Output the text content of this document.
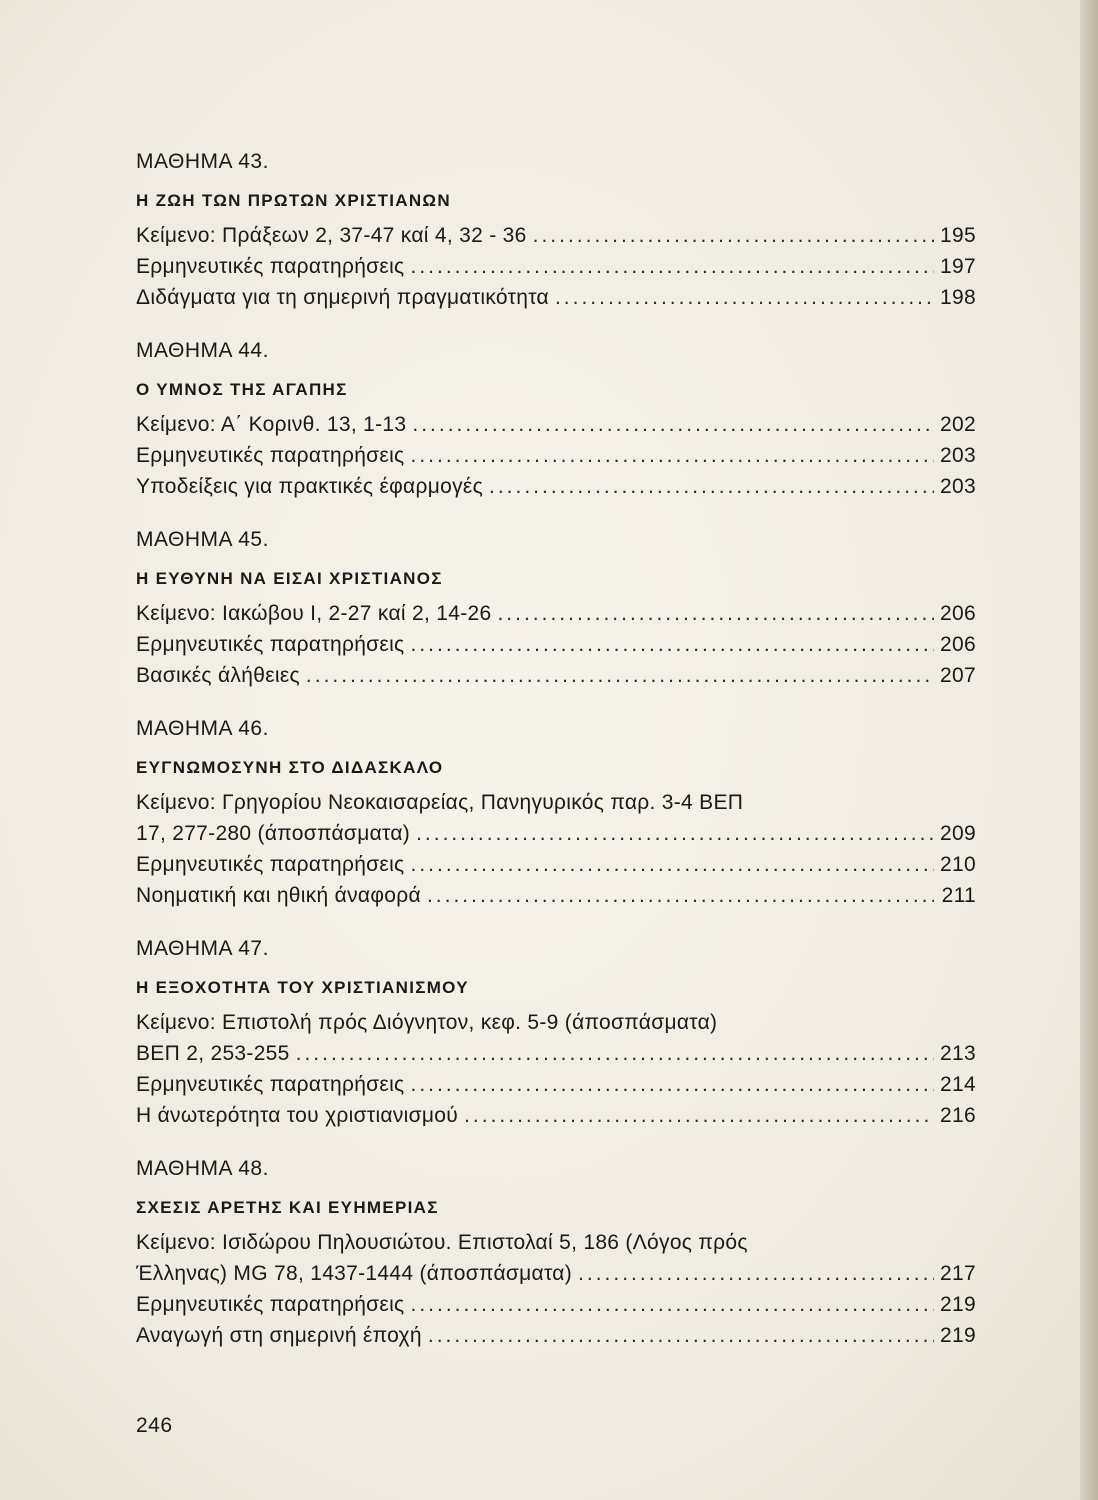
ΜΑΘΗΜΑ 43.
Η ΖΩΗ ΤΩΝ ΠΡΩΤΩΝ ΧΡΙΣΤΙΑΝΩΝ
Κείμενο: Πράξεων 2, 37-47 καί 4, 32 - 36 .....	195
Ερμηνευτικές παρατηρήσεις .....	197
Διδάγματα για τη σημερινή πραγματικότητα .....	198
ΜΑΘΗΜΑ 44.
Ο ΥΜΝΟΣ ΤΗΣ ΑΓΑΠΗΣ
Κείμενο: Α΄ Κορινθ. 13, 1-13 .....	202
Ερμηνευτικές παρατηρήσεις .....	203
Υποδείξεις για πρακτικές έφαρμογές .....	203
ΜΑΘΗΜΑ 45.
Η ΕΥΘΥΝΗ ΝΑ ΕΙΣΑΙ ΧΡΙΣΤΙΑΝΟΣ
Κείμενο: Ιακώβου Ι, 2-27 καί 2, 14-26 .....	206
Ερμηνευτικές παρατηρήσεις .....	206
Βασικές άλήθειες .....	207
ΜΑΘΗΜΑ 46.
ΕΥΓΝΩΜΟΣΥΝΗ ΣΤΟ ΔΙΔΑΣΚΑΛΟ
Κείμενο: Γρηγορίου Νεοκαισαρείας, Πανηγυρικός παρ. 3-4 ΒΕΠ
17, 277-280 (άποσπάσματα) .....	209
Ερμηνευτικές παρατηρήσεις .....	210
Νοηματική και ηθική άναφορά .....	211
ΜΑΘΗΜΑ 47.
Η ΕΞΟΧΟΤΗΤΑ ΤΟΥ ΧΡΙΣΤΙΑΝΙΣΜΟΥ
Κείμενο: Επιστολή πρός Διόγνητον, κεφ. 5-9 (άποσπάσματα)
ΒΕΠ 2, 253-255 .....	213
Ερμηνευτικές παρατηρήσεις .....	214
Η άνωτερότητα του χριστιανισμού .....	216
ΜΑΘΗΜΑ 48.
ΣΧΕΣΙΣ ΑΡΕΤΗΣ ΚΑΙ ΕΥΗΜΕΡΙΑΣ
Κείμενο: Ισιδώρου Πηλουσιώτου. Επιστολαί 5, 186 (Λόγος πρός
Έλληνας) MG 78, 1437-1444 (άποσπάσματα) .....	217
Ερμηνευτικές παρατηρήσεις .....	219
Αναγωγή στη σημερινή έποχή .....	219
246
